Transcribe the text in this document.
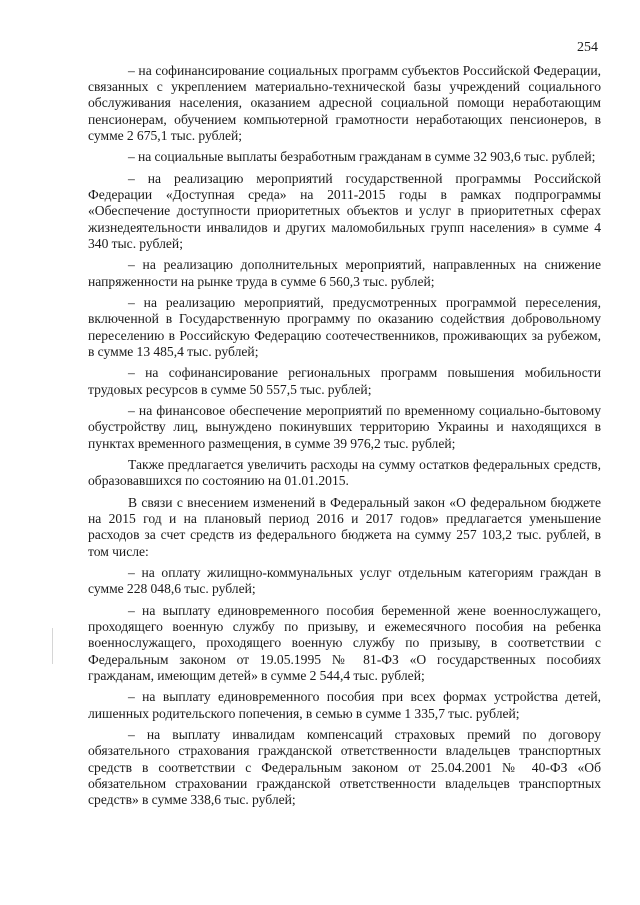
254

– на софинансирование социальных программ субъектов Российской Федерации, связанных с укреплением материально-технической базы учреждений социального обслуживания населения, оказанием адресной социальной помощи неработающим пенсионерам, обучением компьютерной грамотности неработающих пенсионеров, в сумме 2 675,1 тыс. рублей;

– на социальные выплаты безработным гражданам в сумме 32 903,6 тыс. рублей;

– на реализацию мероприятий государственной программы Российской Федерации «Доступная среда» на 2011-2015 годы в рамках подпрограммы «Обеспечение доступности приоритетных объектов и услуг в приоритетных сферах жизнедеятельности инвалидов и других маломобильных групп населения» в сумме 4 340 тыс. рублей;

– на реализацию дополнительных мероприятий, направленных на снижение напряженности на рынке труда в сумме 6 560,3 тыс. рублей;

– на реализацию мероприятий, предусмотренных программой переселения, включенной в Государственную программу по оказанию содействия добровольному переселению в Российскую Федерацию соотечественников, проживающих за рубежом, в сумме 13 485,4 тыс. рублей;

– на софинансирование региональных программ повышения мобильности трудовых ресурсов в сумме 50 557,5 тыс. рублей;

– на финансовое обеспечение мероприятий по временному социально-бытовому обустройству лиц, вынуждено покинувших территорию Украины и находящихся в пунктах временного размещения, в сумме 39 976,2 тыс. рублей;

Также предлагается увеличить расходы на сумму остатков федеральных средств, образовавшихся по состоянию на 01.01.2015.

В связи с внесением изменений в Федеральный закон «О федеральном бюджете на 2015 год и на плановый период 2016 и 2017 годов» предлагается уменьшение расходов за счет средств из федерального бюджета на сумму 257 103,2 тыс. рублей, в том числе:

– на оплату жилищно-коммунальных услуг отдельным категориям граждан в сумме 228 048,6 тыс. рублей;

– на выплату единовременного пособия беременной жене военнослужащего, проходящего военную службу по призыву, и ежемесячного пособия на ребенка военнослужащего, проходящего военную службу по призыву, в соответствии с Федеральным законом от 19.05.1995 № 81-ФЗ «О государственных пособиях гражданам, имеющим детей» в сумме 2 544,4 тыс. рублей;

– на выплату единовременного пособия при всех формах устройства детей, лишенных родительского попечения, в семью в сумме 1 335,7 тыс. рублей;

– на выплату инвалидам компенсаций страховых премий по договору обязательного страхования гражданской ответственности владельцев транспортных средств в соответствии с Федеральным законом от 25.04.2001 № 40-ФЗ «Об обязательном страховании гражданской ответственности владельцев транспортных средств» в сумме 338,6 тыс. рублей;
